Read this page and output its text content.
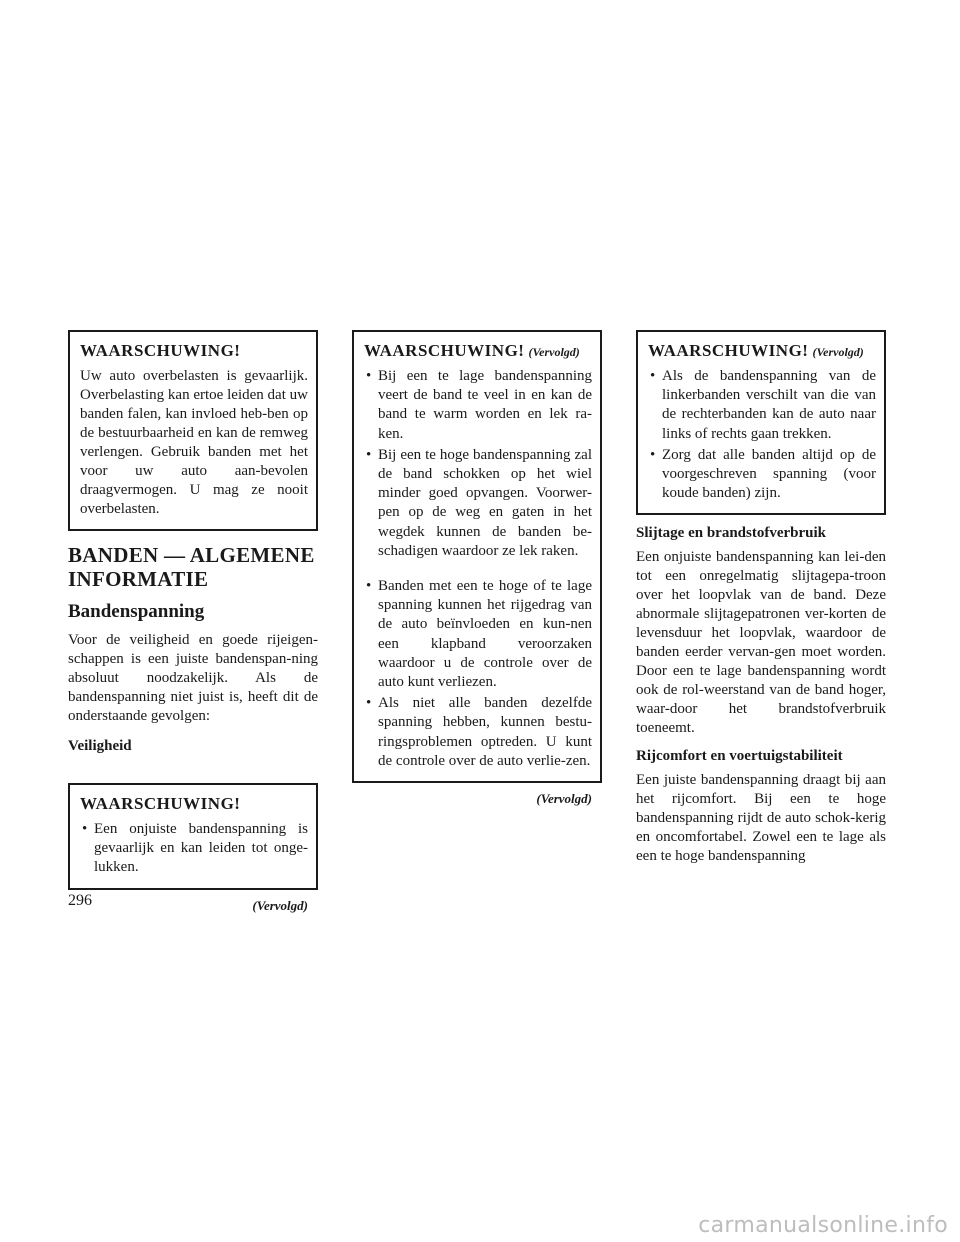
WAARSCHUWING!

Uw auto overbelasten is gevaarlijk. Overbelasting kan ertoe leiden dat uw banden falen, kan invloed heb-ben op de bestuurbaarheid en kan de remweg verlengen. Gebruik banden met het voor uw auto aan-bevolen draagvermogen. U mag ze nooit overbelasten.

BANDEN — ALGEMENE INFORMATIE
Bandenspanning

Voor de veiligheid en goede rijeigen-schappen is een juiste bandenspan-ning absoluut noodzakelijk. Als de bandenspanning niet juist is, heeft dit de onderstaande gevolgen:

Veiligheid
WAARSCHUWING!
• Een onjuiste bandenspanning is gevaarlijk en kan leiden tot onge-lukken.
(Vervolgd)
WAARSCHUWING! (Vervolgd)
• Bij een te lage bandenspanning veert de band te veel in en kan de band te warm worden en lek ra-ken.
• Bij een te hoge bandenspanning zal de band schokken op het wiel minder goed opvangen. Voorwer-pen op de weg en gaten in het wegdek kunnen de banden be-schadigen waardoor ze lek raken.
• Banden met een te hoge of te lage spanning kunnen het rijgedrag van de auto beïnvloeden en kun-nen een klapband veroorzaken waardoor u de controle over de auto kunt verliezen.
• Als niet alle banden dezelfde spanning hebben, kunnen bestu-ringsproblemen optreden. U kunt de controle over de auto verlie-zen.
(Vervolgd)
WAARSCHUWING! (Vervolgd)
• Als de bandenspanning van de linkerbanden verschilt van die van de rechterbanden kan de auto naar links of rechts gaan trekken.
• Zorg dat alle banden altijd op de voorgeschreven spanning (voor koude banden) zijn.
Slijtage en brandstofverbruik

Een onjuiste bandenspanning kan lei-den tot een onregelmatig slijtagepa-troon over het loopvlak van de band. Deze abnormale slijtagepatronen ver-korten de levensduur het loopvlak, waardoor de banden eerder vervan-gen moet worden. Door een te lage bandenspanning wordt ook de rol-weerstand van de band hoger, waar-door het brandstofverbruik toeneemt.

Rijcomfort en voertuigstabiliteit

Een juiste bandenspanning draagt bij aan het rijcomfort. Bij een te hoge bandenspanning rijdt de auto schok-kerig en oncomfortabel. Zowel een te lage als een te hoge bandenspanning

296
carmanualsonline.info
